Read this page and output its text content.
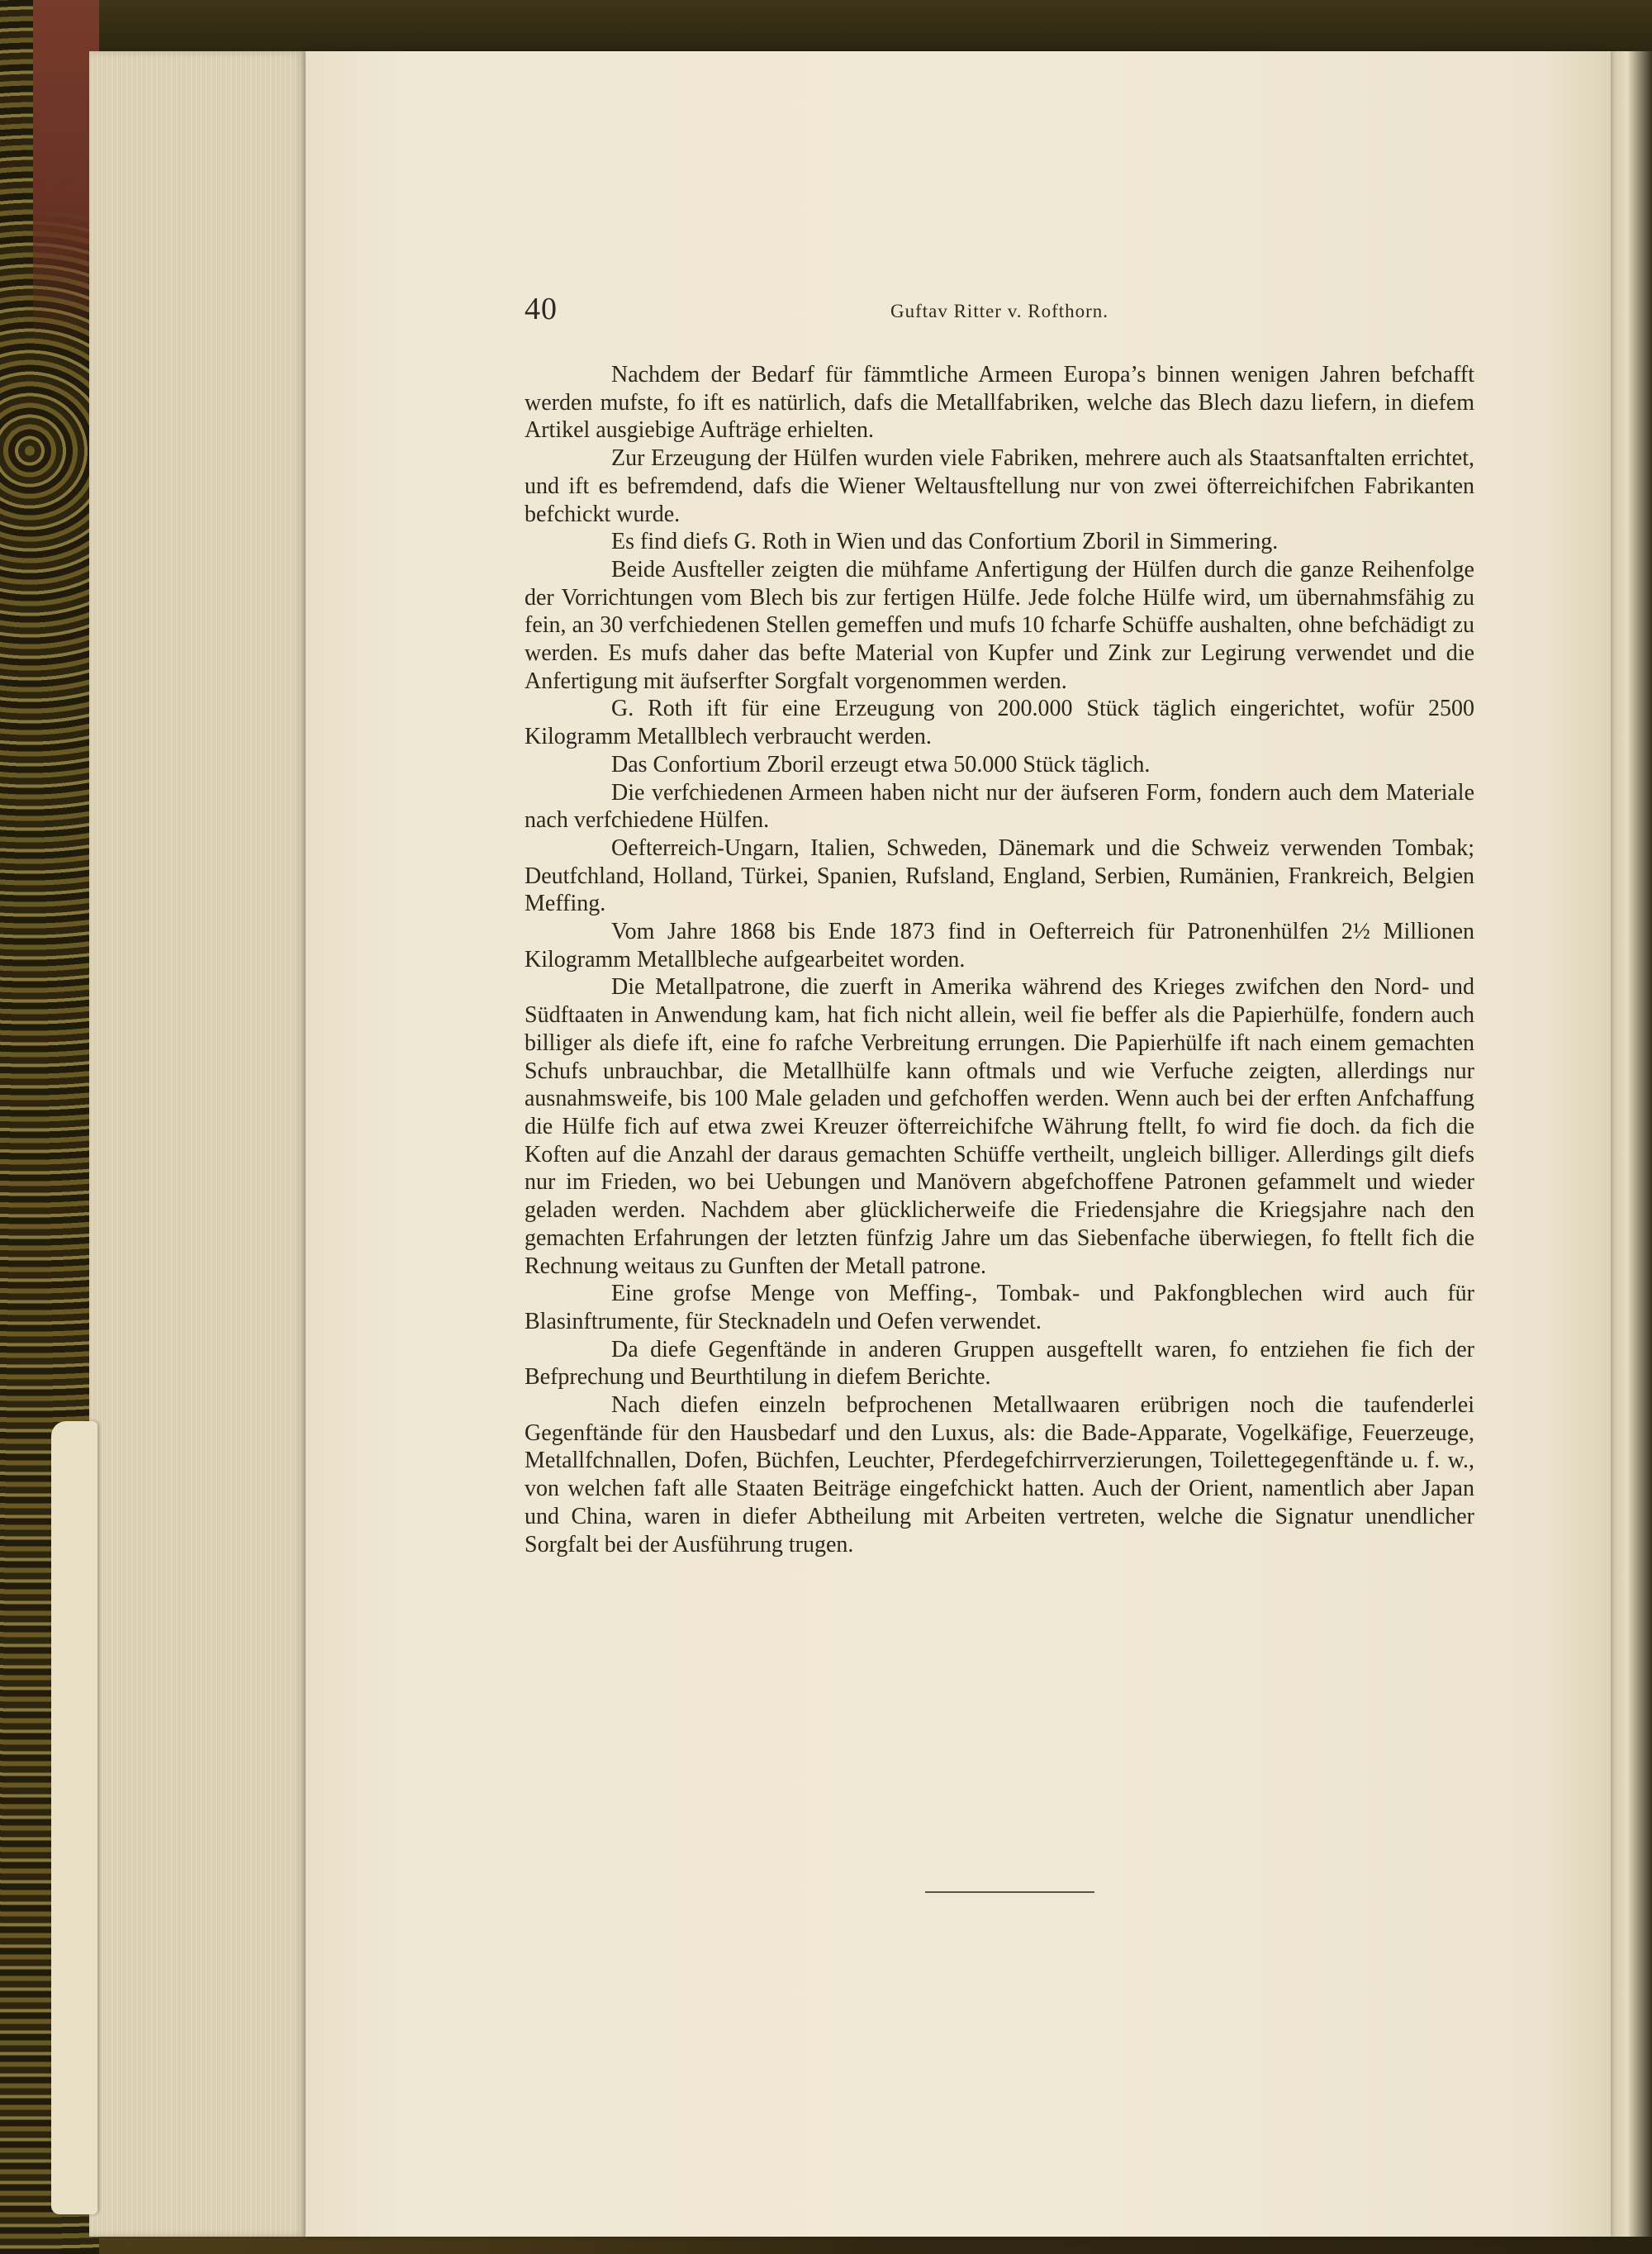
40	Guftav Ritter v. Rofthorn.

Nachdem der Bedarf für fämmtliche Armeen Europa’s binnen wenigen Jahren befchafft werden mufste, fo ift es natürlich, dafs die Metallfabriken, welche das Blech dazu liefern, in diefem Artikel ausgiebige Aufträge erhielten.

Zur Erzeugung der Hülfen wurden viele Fabriken, mehrere auch als Staatsanftalten errichtet, und ift es befremdend, dafs die Wiener Weltausftellung nur von zwei öfterreichifchen Fabrikanten befchickt wurde.

Es find diefs G. Roth in Wien und das Confortium Zboril in Simmering.

Beide Ausfteller zeigten die mühfame Anfertigung der Hülfen durch die ganze Reihenfolge der Vorrichtungen vom Blech bis zur fertigen Hülfe. Jede folche Hülfe wird, um übernahmsfähig zu fein, an 30 verfchiedenen Stellen gemeffen und mufs 10 fcharfe Schüffe aushalten, ohne befchädigt zu werden. Es mufs daher das befte Material von Kupfer und Zink zur Legirung verwendet und die Anfertigung mit äufserfter Sorgfalt vorgenommen werden.

G. Roth ift für eine Erzeugung von 200.000 Stück täglich eingerichtet, wofür 2500 Kilogramm Metallblech verbraucht werden.

Das Confortium Zboril erzeugt etwa 50.000 Stück täglich.

Die verfchiedenen Armeen haben nicht nur der äufseren Form, fondern auch dem Materiale nach verfchiedene Hülfen.

Oefterreich-Ungarn, Italien, Schweden, Dänemark und die Schweiz verwenden Tombak; Deutfchland, Holland, Türkei, Spanien, Rufsland, England, Serbien, Rumänien, Frankreich, Belgien Meffing.

Vom Jahre 1868 bis Ende 1873 find in Oefterreich für Patronenhülfen 2½ Millionen Kilogramm Metallbleche aufgearbeitet worden.

Die Metallpatrone, die zuerft in Amerika während des Krieges zwifchen den Nord- und Südftaaten in Anwendung kam, hat fich nicht allein, weil fie beffer als die Papierhülfe, fondern auch billiger als diefe ift, eine fo rafche Verbreitung errungen. Die Papierhülfe ift nach einem gemachten Schufs unbrauchbar, die Metallhülfe kann oftmals und wie Verfuche zeigten, allerdings nur ausnahmsweife, bis 100 Male geladen und gefchoffen werden. Wenn auch bei der erften Anfchaffung die Hülfe fich auf etwa zwei Kreuzer öfterreichifche Währung ftellt, fo wird fie doch. da fich die Koften auf die Anzahl der daraus gemachten Schüffe vertheilt, ungleich billiger. Allerdings gilt diefs nur im Frieden, wo bei Uebungen und Manövern abgefchoffene Patronen gefammelt und wieder geladen werden. Nachdem aber glücklicherweife die Friedensjahre die Kriegsjahre nach den gemachten Erfahrungen der letzten fünfzig Jahre um das Siebenfache überwiegen, fo ftellt fich die Rechnung weitaus zu Gunften der Metall patrone.

Eine grofse Menge von Meffing-, Tombak- und Pakfongblechen wird auch für Blasinftrumente, für Stecknadeln und Oefen verwendet.

Da diefe Gegenftände in anderen Gruppen ausgeftellt waren, fo entziehen fie fich der Befprechung und Beurthtilung in diefem Berichte.

Nach diefen einzeln befprochenen Metallwaaren erübrigen noch die taufenderlei Gegenftände für den Hausbedarf und den Luxus, als: die Bade-Apparate, Vogelkäfige, Feuerzeuge, Metallfchnallen, Dofen, Büchfen, Leuchter, Pferdegefchirrverzierungen, Toilettegegenftände u. f. w., von welchen faft alle Staaten Beiträge eingefchickt hatten. Auch der Orient, namentlich aber Japan und China, waren in diefer Abtheilung mit Arbeiten vertreten, welche die Signatur unendlicher Sorgfalt bei der Ausführung trugen.
